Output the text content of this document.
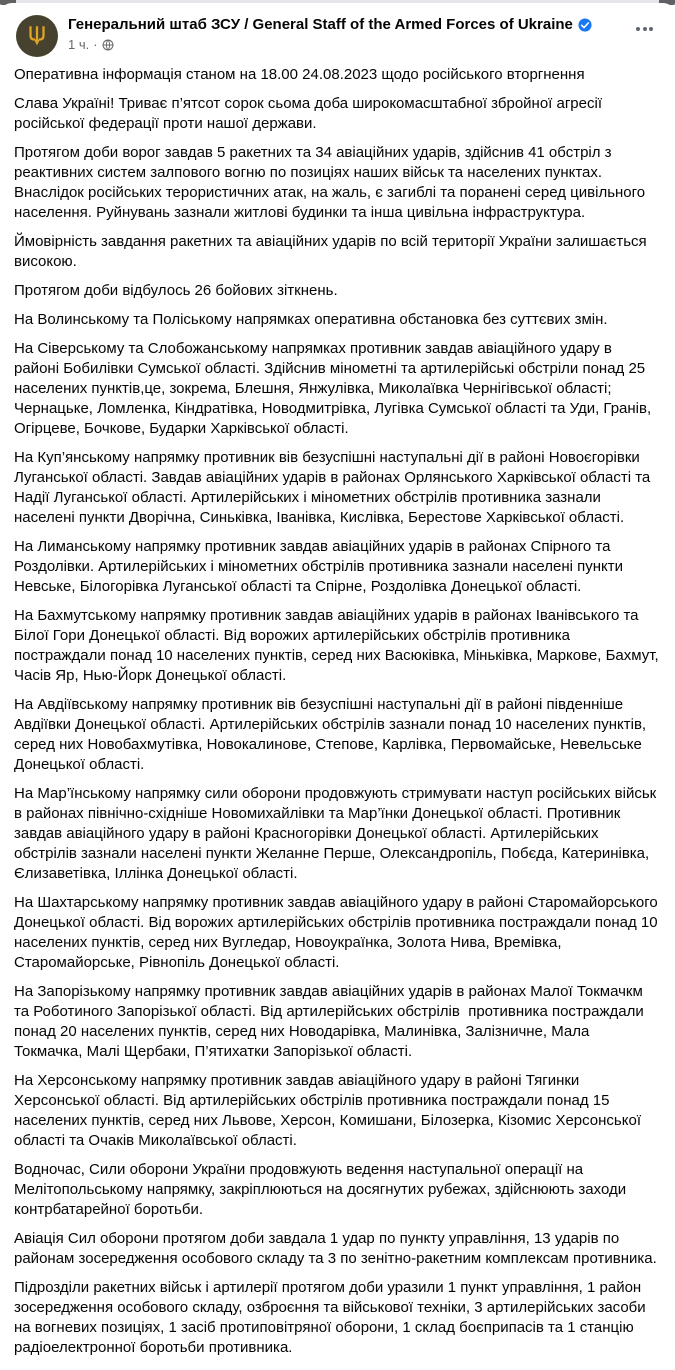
Генеральний штаб ЗСУ / General Staff of the Armed Forces of Ukraine
1 ч. ·

Оперативна інформація станом на 18.00 24.08.2023 щодо російського вторгнення

Слава Україні! Триває п’ятсот сорок сьома доба широкомасштабної збройної агресії російської федерації проти нашої держави.

Протягом доби ворог завдав 5 ракетних та 34 авіаційних ударів, здійснив 41 обстріл з реактивних систем залпового вогню по позиціях наших військ та населених пунктах. Внаслідок російських терористичних атак, на жаль, є загиблі та поранені серед цивільного населення. Руйнувань зазнали житлові будинки та інша цивільна інфраструктура.

Ймовірність завдання ракетних та авіаційних ударів по всій території України залишається високою.

Протягом доби відбулось 26 бойових зіткнень.

На Волинському та Поліському напрямках оперативна обстановка без суттєвих змін.

На Сіверському та Слобожанському напрямках противник завдав авіаційного удару в районі Бобилівки Сумської області. Здійснив мінометні та артилерійські обстріли понад 25 населених пунктів,це, зокрема, Блешня, Янжулівка, Миколаївка Чернігівської області; Чернацьке, Ломленка, Кіндратівка, Новодмитрівка, Лугівка Сумської області та Уди, Гранів, Огірцеве, Бочкове, Бударки Харківської області.

На Куп’янському напрямку противник вів безуспішні наступальні дії в районі Новоєгорівки Луганської області. Завдав авіаційних ударів в районах Орлянського Харківської області та Надії Луганської області. Артилерійських і мінометних обстрілів противника зазнали населені пункти Дворічна, Синьківка, Іванівка, Кислівка, Берестове Харківської області.

На Лиманському напрямку противник завдав авіаційних ударів в районах Спірного та Роздолівки. Артилерійських і мінометних обстрілів противника зазнали населені пункти Невське, Білогорівка Луганської області та Спірне, Роздолівка Донецької області.

На Бахмутському напрямку противник завдав авіаційних ударів в районах Іванівського та Білої Гори Донецької області. Від ворожих артилерійських обстрілів противника постраждали понад 10 населених пунктів, серед них Васюківка, Міньківка, Маркове, Бахмут, Часів Яр, Нью-Йорк Донецької області.

На Авдіївському напрямку противник вів безуспішні наступальні дії в районі південніше Авдіївки Донецької області. Артилерійських обстрілів зазнали понад 10 населених пунктів, серед них Новобахмутівка, Новокалинове, Степове, Карлівка, Первомайське, Невельське Донецької області.

На Мар’їнському напрямку сили оборони продовжують стримувати наступ російських військ в районах північно-східніше Новомихайлівки та Мар’їнки Донецької області. Противник завдав авіаційного удару в районі Красногорівки Донецької області. Артилерійських обстрілів зазнали населені пункти Желанне Перше, Олександропіль, Побєда, Катеринівка, Єлизаветівка, Іллінка Донецької області.

На Шахтарському напрямку противник завдав авіаційного удару в районі Старомайорського Донецької області. Від ворожих артилерійських обстрілів противника постраждали понад 10 населених пунктів, серед них Вугледар, Новоукраїнка, Золота Нива, Времівка, Старомайорське, Рівнопіль Донецької області.

На Запорізькому напрямку противник завдав авіаційних ударів в районах Малої Токмачкм та Роботиного Запорізької області. Від артилерійських обстрілів  противника постраждали понад 20 населених пунктів, серед них Новодарівка, Малинівка, Залізничне, Мала Токмачка, Малі Щербаки, П’ятихатки Запорізької області.

На Херсонському напрямку противник завдав авіаційного удару в районі Тягинки Херсонської області. Від артилерійських обстрілів противника постраждали понад 15 населених пунктів, серед них Львове, Херсон, Комишани, Білозерка, Кізомис Херсонської області та Очаків Миколаївської області.

Водночас, Сили оборони України продовжують ведення наступальної операції на Мелітопольському напрямку, закріплюються на досягнутих рубежах, здійснюють заходи контрбатарейної боротьби.

Авіація Сил оборони протягом доби завдала 1 удар по пункту управління, 13 ударів по районам зосередження особового складу та 3 по зенітно-ракетним комплексам противника.

Підрозділи ракетних військ і артилерії протягом доби уразили 1 пункт управління, 1 район зосередження особового складу, озброєння та військової техніки, 3 артилерійських засоби на вогневих позиціях, 1 засіб протиповітряної оборони, 1 склад боєприпасів та 1 станцію радіоелектронної боротьби противника.
